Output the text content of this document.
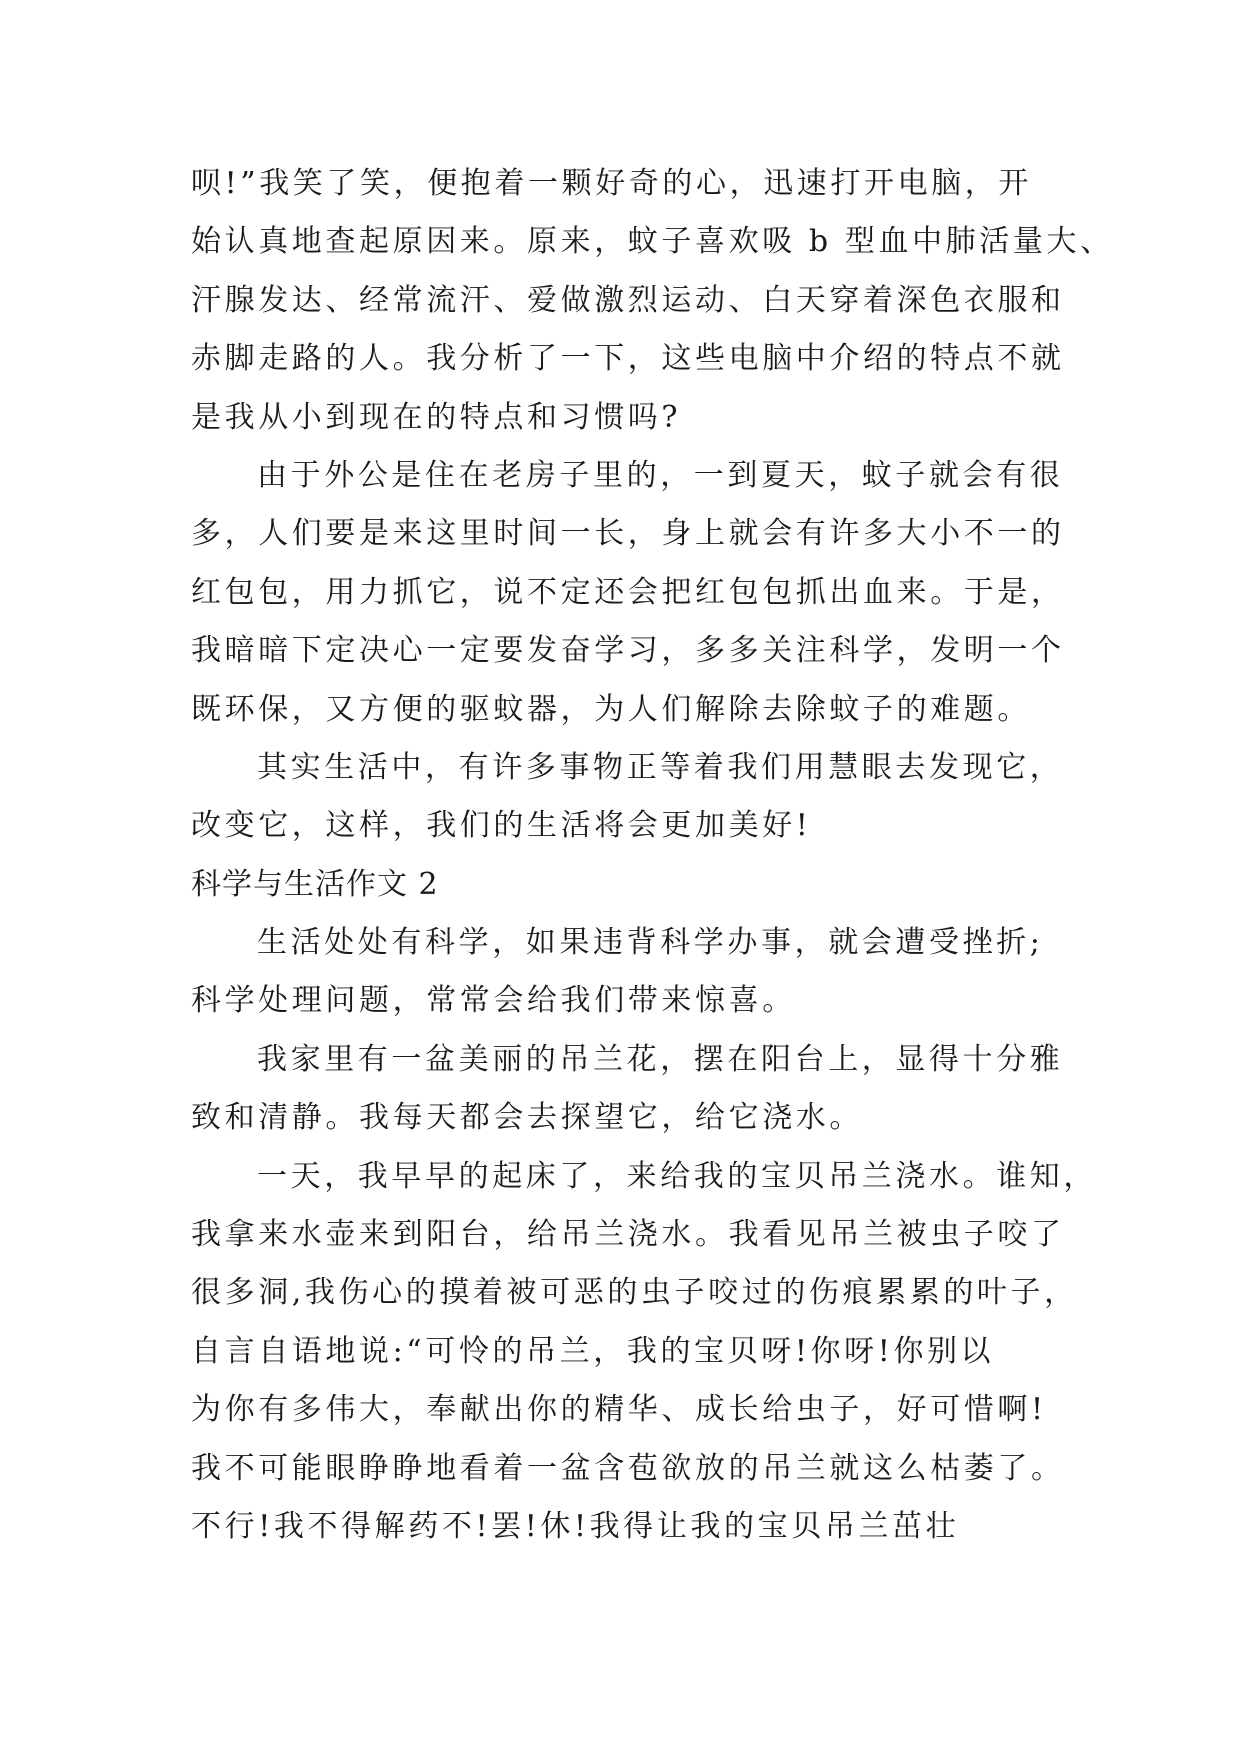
呗!”我笑了笑，便抱着一颗好奇的心，迅速打开电脑，开
始认真地查起原因来。原来，蚊子喜欢吸 b 型血中肺活量大、
汗腺发达、经常流汗、爱做激烈运动、白天穿着深色衣服和
赤脚走路的人。我分析了一下，这些电脑中介绍的特点不就
是我从小到现在的特点和习惯吗?
由于外公是住在老房子里的，一到夏天，蚊子就会有很
多，人们要是来这里时间一长，身上就会有许多大小不一的
红包包，用力抓它，说不定还会把红包包抓出血来。于是，
我暗暗下定决心一定要发奋学习，多多关注科学，发明一个
既环保，又方便的驱蚊器，为人们解除去除蚊子的难题。
其实生活中，有许多事物正等着我们用慧眼去发现它，
改变它，这样，我们的生活将会更加美好!
科学与生活作文 2
生活处处有科学，如果违背科学办事，就会遭受挫折;
科学处理问题，常常会给我们带来惊喜。
我家里有一盆美丽的吊兰花，摆在阳台上，显得十分雅
致和清静。我每天都会去探望它，给它浇水。
一天，我早早的起床了，来给我的宝贝吊兰浇水。谁知，
我拿来水壶来到阳台，给吊兰浇水。我看见吊兰被虫子咬了
很多洞,我伤心的摸着被可恶的虫子咬过的伤痕累累的叶子，
自言自语地说:“可怜的吊兰，我的宝贝呀!你呀!你别以
为你有多伟大，奉献出你的精华、成长给虫子，好可惜啊!
我不可能眼睁睁地看着一盆含苞欲放的吊兰就这么枯萎了。
不行!我不得解药不!罢!休!我得让我的宝贝吊兰茁壮
